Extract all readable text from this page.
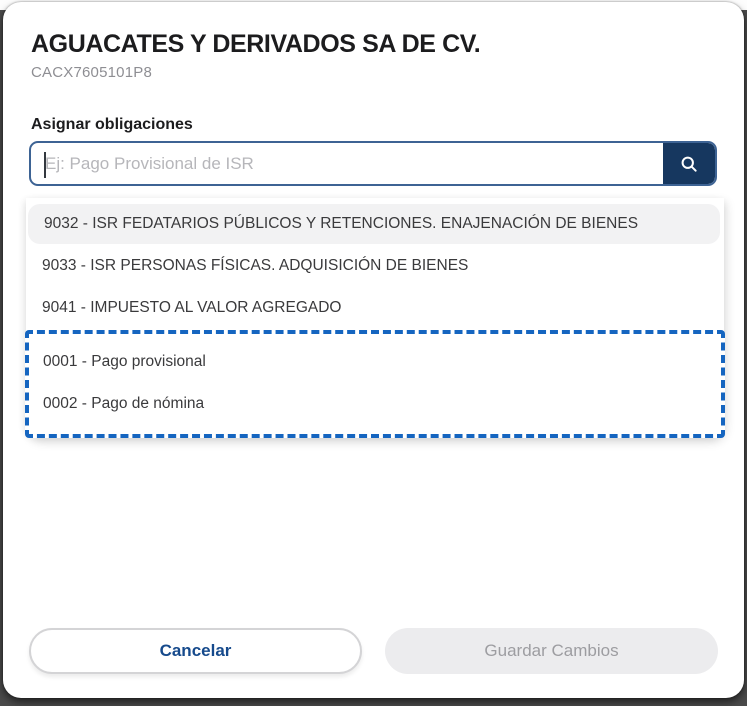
AGUACATES Y DERIVADOS SA DE CV.
CACX7605101P8
Asignar obligaciones
Ej: Pago Provisional de ISR
9032 - ISR FEDATARIOS PÚBLICOS Y RETENCIONES. ENAJENACIÓN DE BIENES
9033 - ISR PERSONAS FÍSICAS. ADQUISICIÓN DE BIENES
9041 - IMPUESTO AL VALOR AGREGADO
0001 - Pago provisional
0002 - Pago de nómina
Cancelar	Guardar Cambios
